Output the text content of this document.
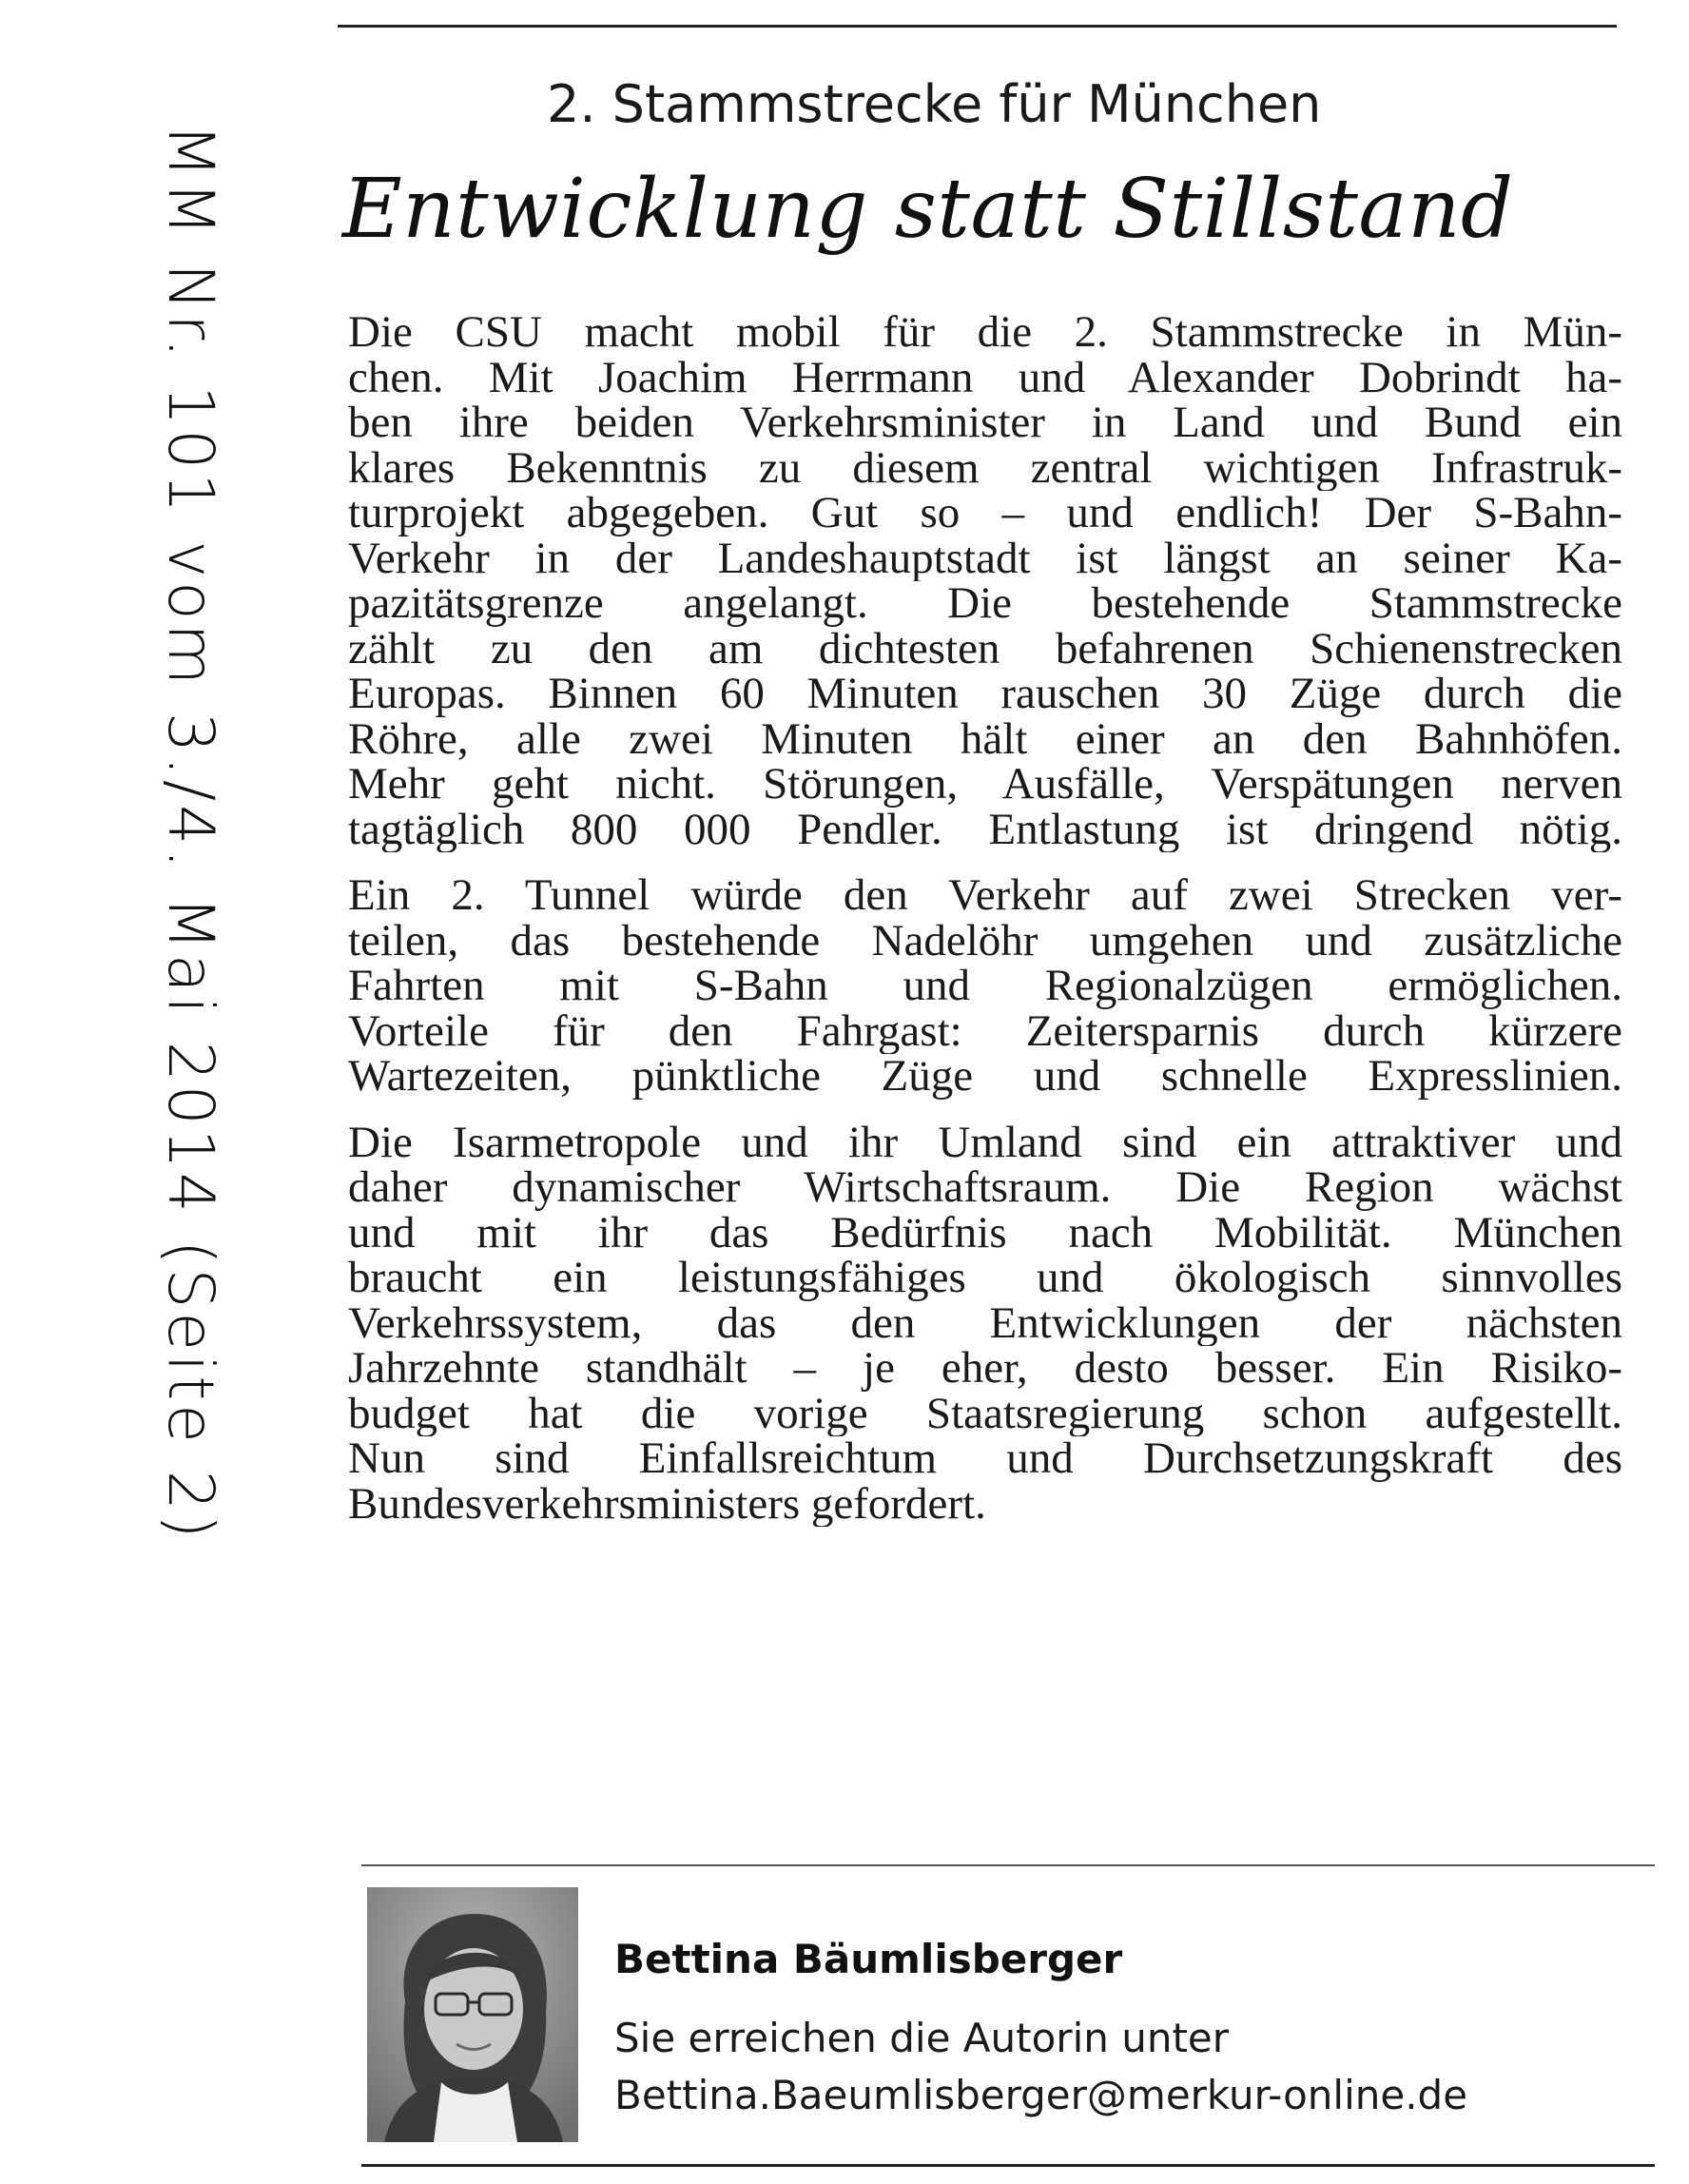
MM Nr. 101 vom 3./4. Mai 2014 (Seite 2)
2. Stammstrecke für München
Entwicklung statt Stillstand
Die CSU macht mobil für die 2. Stammstrecke in Mün-
chen. Mit Joachim Herrmann und Alexander Dobrindt ha-
ben ihre beiden Verkehrsminister in Land und Bund ein
klares Bekenntnis zu diesem zentral wichtigen Infrastruk-
turprojekt abgegeben. Gut so – und endlich! Der S-Bahn-
Verkehr in der Landeshauptstadt ist längst an seiner Ka-
pazitätsgrenze angelangt. Die bestehende Stammstrecke
zählt zu den am dichtesten befahrenen Schienenstrecken
Europas. Binnen 60 Minuten rauschen 30 Züge durch die
Röhre, alle zwei Minuten hält einer an den Bahnhöfen.
Mehr geht nicht. Störungen, Ausfälle, Verspätungen nerven
tagtäglich 800 000 Pendler. Entlastung ist dringend nötig.
Ein 2. Tunnel würde den Verkehr auf zwei Strecken ver-
teilen, das bestehende Nadelöhr umgehen und zusätzliche
Fahrten mit S-Bahn und Regionalzügen ermöglichen.
Vorteile für den Fahrgast: Zeitersparnis durch kürzere
Wartezeiten, pünktliche Züge und schnelle Expresslinien.
Die Isarmetropole und ihr Umland sind ein attraktiver und
daher dynamischer Wirtschaftsraum. Die Region wächst
und mit ihr das Bedürfnis nach Mobilität. München
braucht ein leistungsfähiges und ökologisch sinnvolles
Verkehrssystem, das den Entwicklungen der nächsten
Jahrzehnte standhält – je eher, desto besser. Ein Risiko-
budget hat die vorige Staatsregierung schon aufgestellt.
Nun sind Einfallsreichtum und Durchsetzungskraft des
Bundesverkehrsministers gefordert.
Bettina Bäumlisberger
Sie erreichen die Autorin unter
Bettina.Baeumlisberger@merkur-online.de
